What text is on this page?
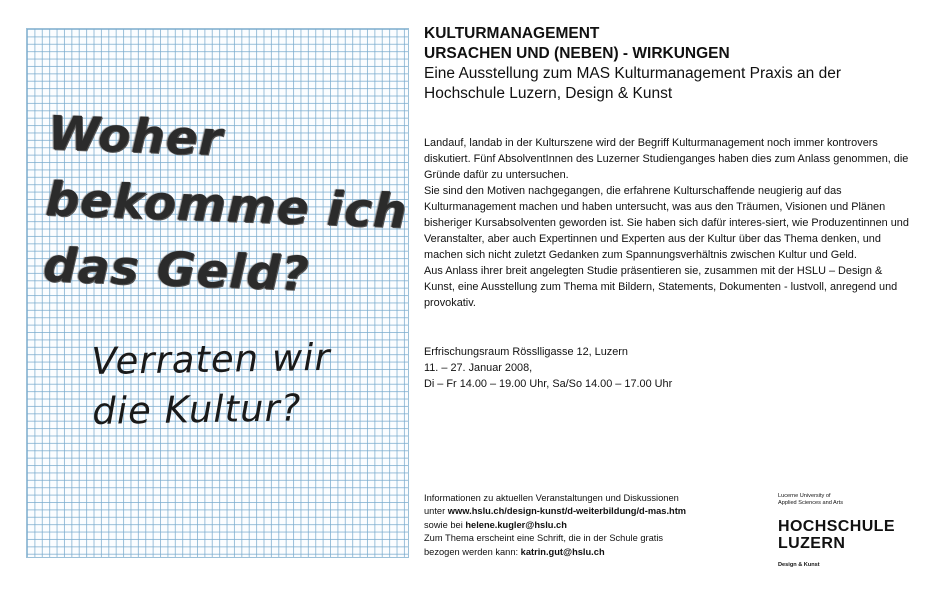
Woher
bekomme ich
das Geld?
Verraten wir
die Kultur?
KULTURMANAGEMENT
URSACHEN UND (NEBEN) - WIRKUNGEN
Eine Ausstellung zum MAS Kulturmanagement Praxis an der
Hochschule Luzern, Design & Kunst

Landauf, landab in der Kulturszene wird der Begriff Kulturmanagement noch immer kontrovers diskutiert. Fünf AbsolventInnen des Luzerner Studienganges haben dies zum Anlass genommen, die Gründe dafür zu untersuchen.

Sie sind den Motiven nachgegangen, die erfahrene Kulturschaffende neugierig auf das Kulturmanagement machen und haben untersucht, was aus den Träumen, Visionen und Plänen bisheriger Kursabsolventen geworden ist. Sie haben sich dafür interes-siert, wie Produzentinnen und Veranstalter, aber auch Expertinnen und Experten aus der Kultur über das Thema denken, und machen sich nicht zuletzt Gedanken zum Spannungsverhältnis zwischen Kultur und Geld.

Aus Anlass ihrer breit angelegten Studie präsentieren sie, zusammen mit der HSLU – Design & Kunst, eine Ausstellung zum Thema mit Bildern, Statements, Dokumenten - lustvoll, anregend und provokativ.

Erfrischungsraum Rösslligasse 12, Luzern
11. – 27. Januar 2008,
Di – Fr 14.00 – 19.00 Uhr, Sa/So 14.00 – 17.00 Uhr
Informationen zu aktuellen Veranstaltungen und Diskussionen
unter www.hslu.ch/design-kunst/d-weiterbildung/d-mas.htm
sowie bei helene.kugler@hslu.ch
Zum Thema erscheint eine Schrift, die in der Schule gratis
bezogen werden kann: katrin.gut@hslu.ch
Lucerne University of
Applied Sciences and Arts
HOCHSCHULE
LUZERN
Design & Kunst
